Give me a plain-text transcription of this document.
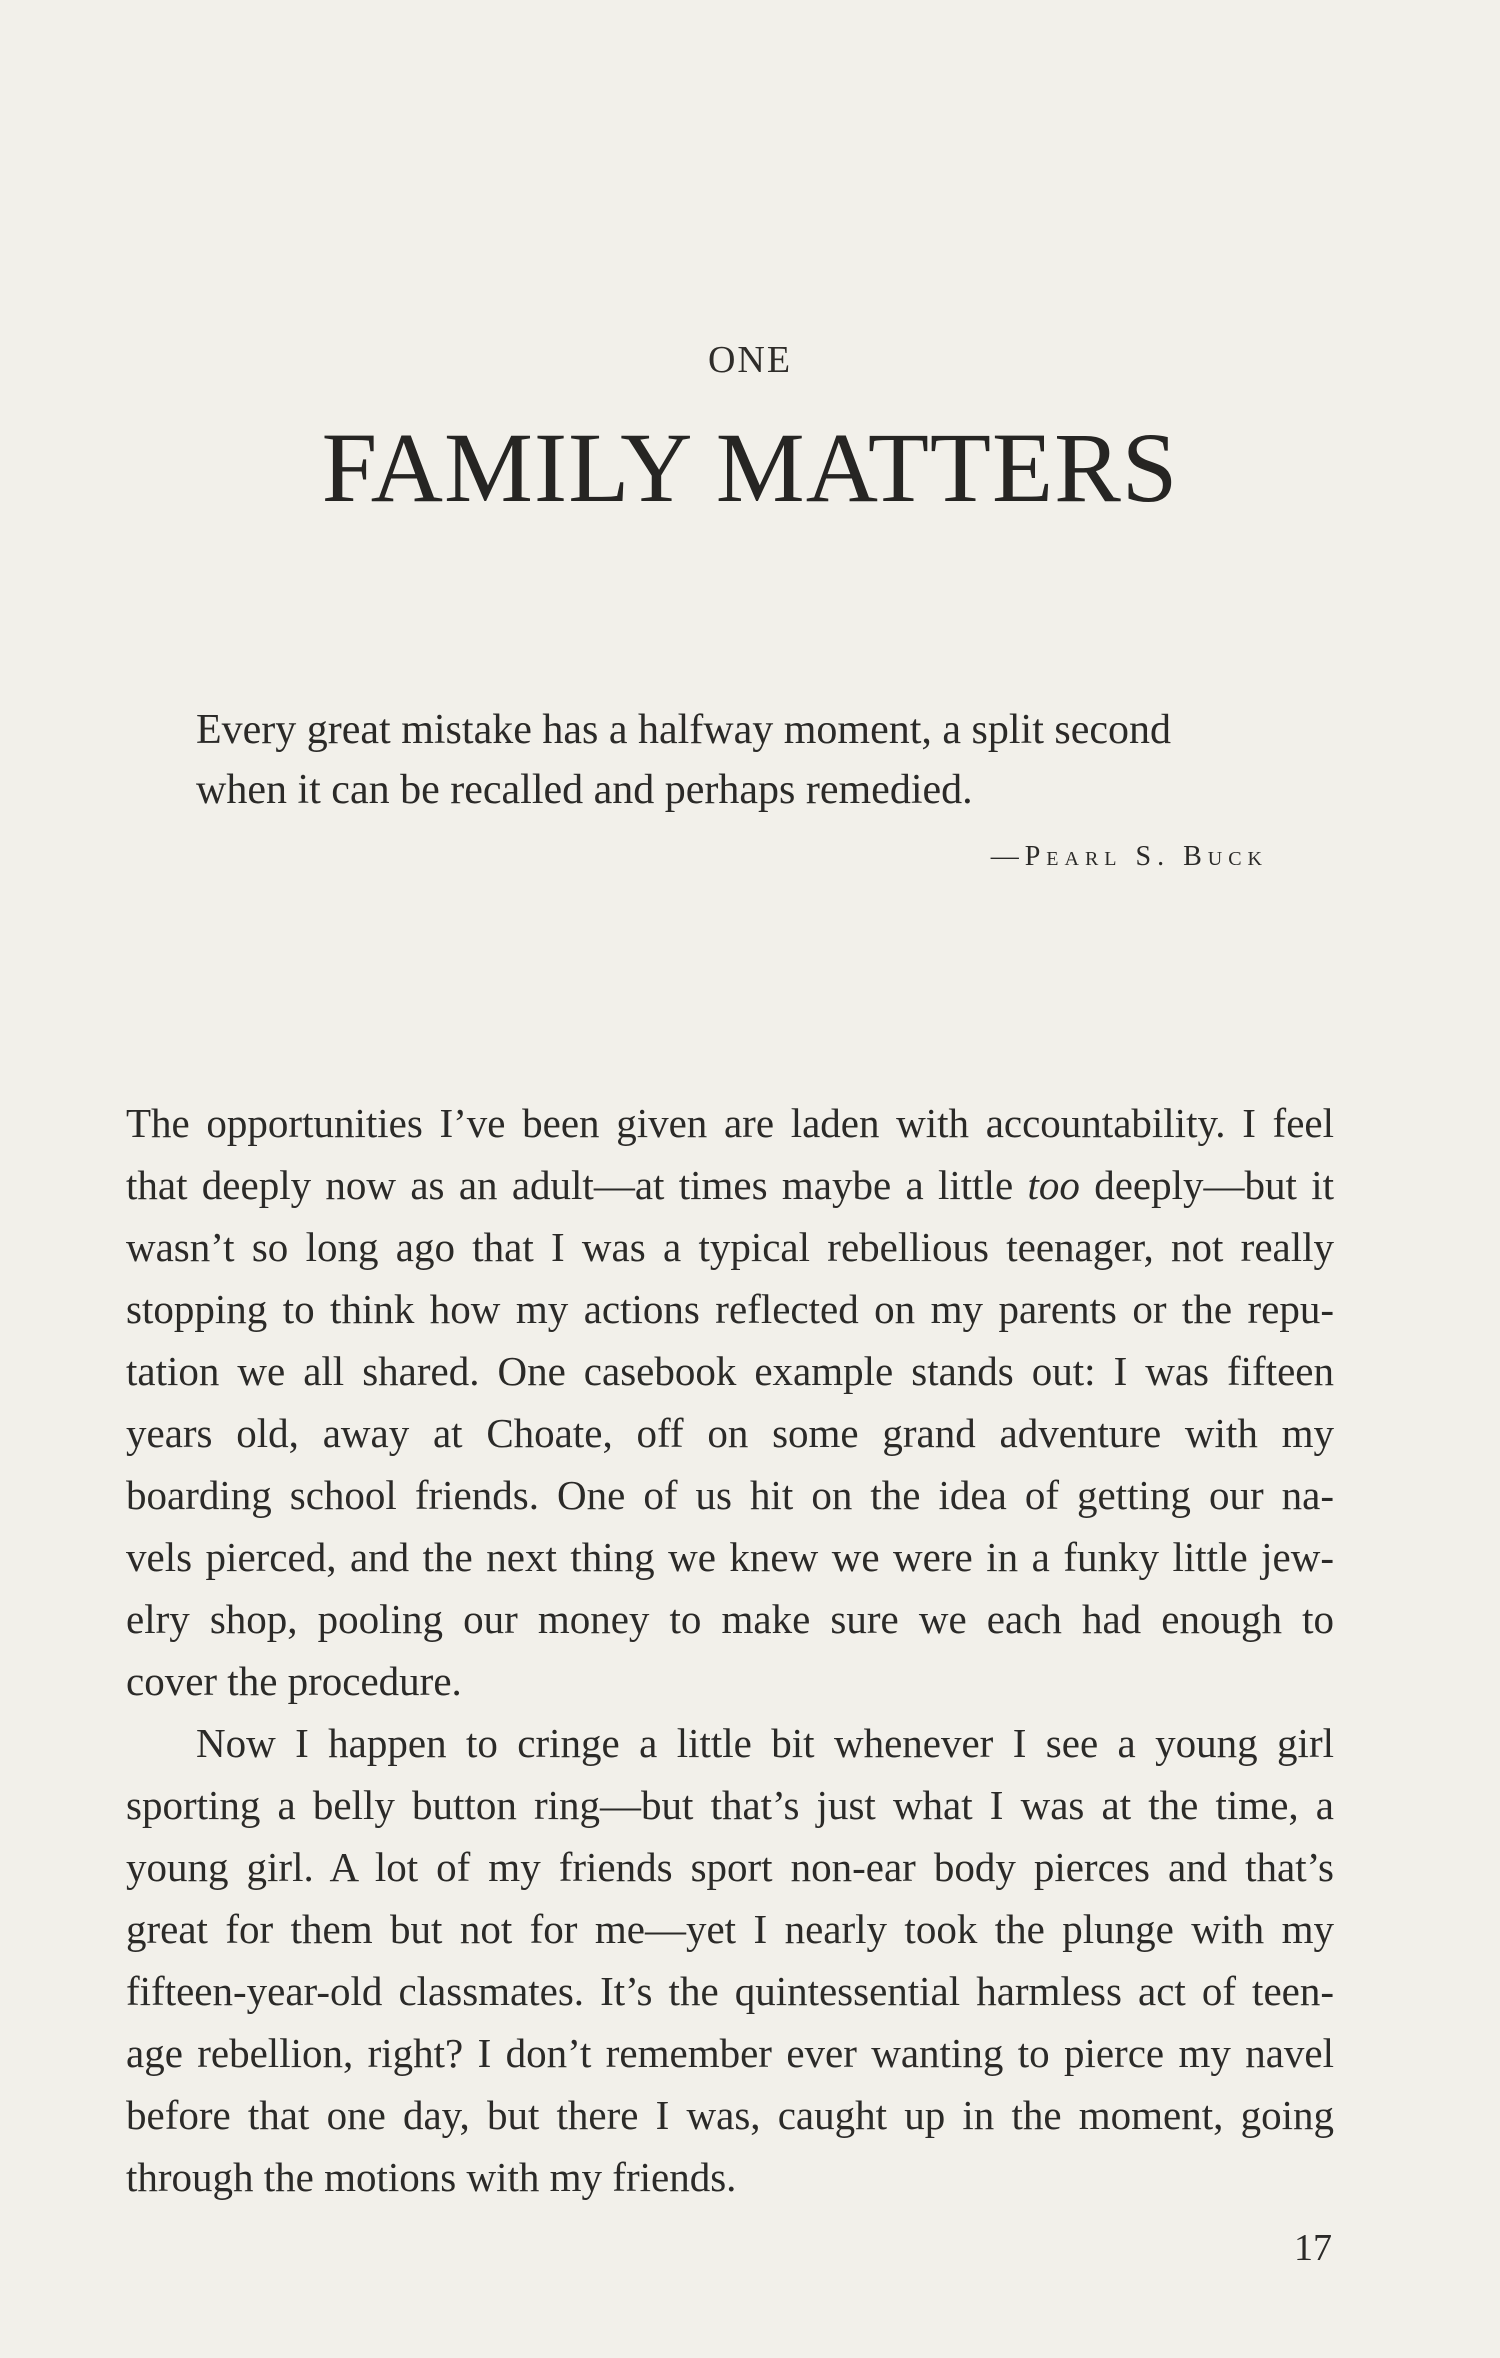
ONE
FAMILY MATTERS
Every great mistake has a halfway moment, a split second
when it can be recalled and perhaps remedied.
—Pearl S. Buck
The opportunities I’ve been given are laden with accountability. I feel
that deeply now as an adult—at times maybe a little too deeply—but it
wasn’t so long ago that I was a typical rebellious teenager, not really
stopping to think how my actions reflected on my parents or the repu-
tation we all shared. One casebook example stands out: I was fifteen
years old, away at Choate, off on some grand adventure with my
boarding school friends. One of us hit on the idea of getting our na-
vels pierced, and the next thing we knew we were in a funky little jew-
elry shop, pooling our money to make sure we each had enough to
cover the procedure.
Now I happen to cringe a little bit whenever I see a young girl
sporting a belly button ring—but that’s just what I was at the time, a
young girl. A lot of my friends sport non-ear body pierces and that’s
great for them but not for me—yet I nearly took the plunge with my
fifteen-year-old classmates. It’s the quintessential harmless act of teen-
age rebellion, right? I don’t remember ever wanting to pierce my navel
before that one day, but there I was, caught up in the moment, going
through the motions with my friends.
17
